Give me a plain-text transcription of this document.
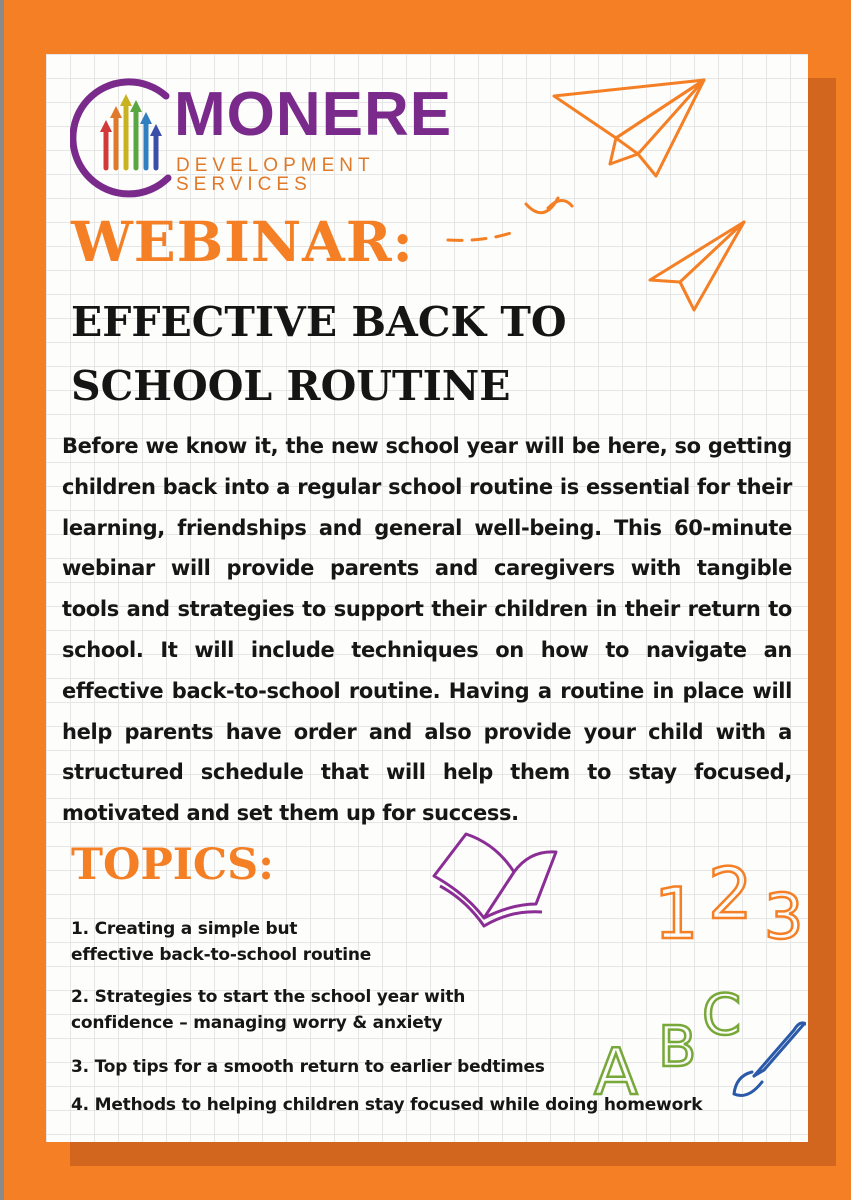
MONERE
DEVELOPMENT SERVICES
WEBINAR:
EFFECTIVE BACK TO
SCHOOL ROUTINE
Before we know it, the new school year will be here, so getting children back into a regular school routine is essential for their learning, friendships and general well-being. This 60-minute webinar will provide parents and caregivers with tangible tools and strategies to support their children in their return to school. It will include techniques on how to navigate an effective back-to-school routine. Having a routine in place will help parents have order and also provide your child with a structured schedule that will help them to stay focused, motivated and set them up for success.
TOPICS:
1. Creating a simple but
effective back-to-school routine
2. Strategies to start the school year with
confidence – managing worry & anxiety
3. Top tips for a smooth return to earlier bedtimes
4. Methods to helping children stay focused while doing homework
1 2 3
A B C
